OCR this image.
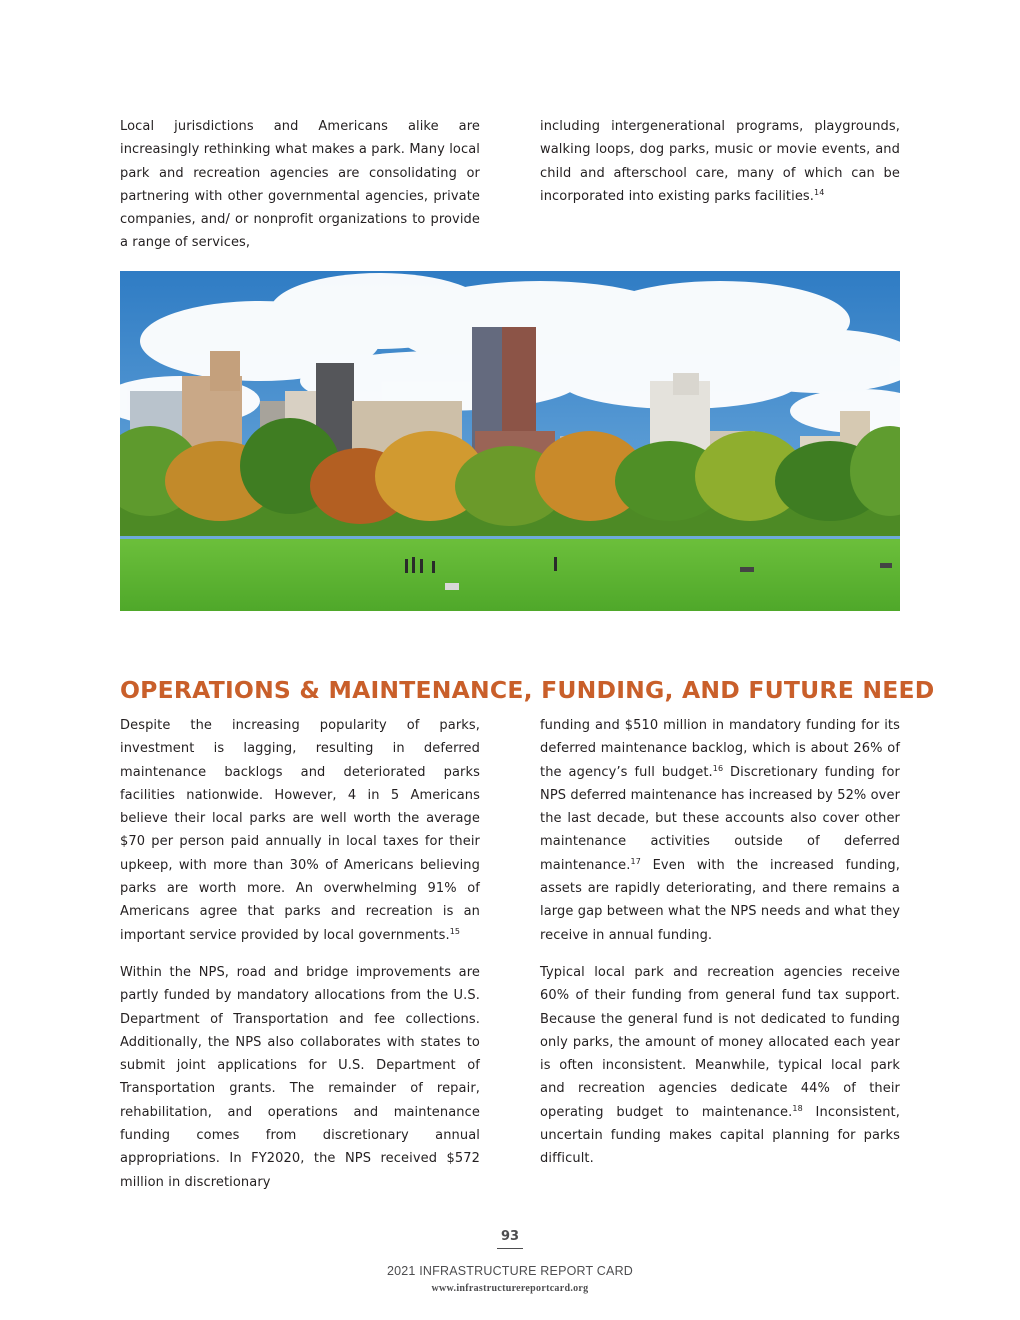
Local jurisdictions and Americans alike are increasingly rethinking what makes a park. Many local park and recreation agencies are consolidating or partnering with other governmental agencies, private companies, and/ or nonprofit organizations to provide a range of services,

including intergenerational programs, playgrounds, walking loops, dog parks, music or movie events, and child and afterschool care, many of which can be incorporated into existing parks facilities.$^{14}$

OPERATIONS & MAINTENANCE, FUNDING, AND FUTURE NEED

Despite the increasing popularity of parks, investment is lagging, resulting in deferred maintenance backlogs and deteriorated parks facilities nationwide. However, 4 in 5 Americans believe their local parks are well worth the average $70 per person paid annually in local taxes for their upkeep, with more than 30% of Americans believing parks are worth more. An overwhelming 91% of Americans agree that parks and recreation is an important service provided by local governments.$^{15}$

Within the NPS, road and bridge improvements are partly funded by mandatory allocations from the U.S. Department of Transportation and fee collections. Additionally, the NPS also collaborates with states to submit joint applications for U.S. Department of Transportation grants. The remainder of repair, rehabilitation, and operations and maintenance funding comes from discretionary annual appropriations. In FY2020, the NPS received $572 million in discretionary

funding and $510 million in mandatory funding for its deferred maintenance backlog, which is about 26% of the agency’s full budget.$^{16}$ Discretionary funding for NPS deferred maintenance has increased by 52% over the last decade, but these accounts also cover other maintenance activities outside of deferred maintenance.$^{17}$ Even with the increased funding, assets are rapidly deteriorating, and there remains a large gap between what the NPS needs and what they receive in annual funding.

Typical local park and recreation agencies receive 60% of their funding from general fund tax support. Because the general fund is not dedicated to funding only parks, the amount of money allocated each year is often inconsistent. Meanwhile, typical local park and recreation agencies dedicate 44% of their operating budget to maintenance.$^{18}$ Inconsistent, uncertain funding makes capital planning for parks difficult.

93
2021 INFRASTRUCTURE REPORT CARD
www.infrastructurereportcard.org
